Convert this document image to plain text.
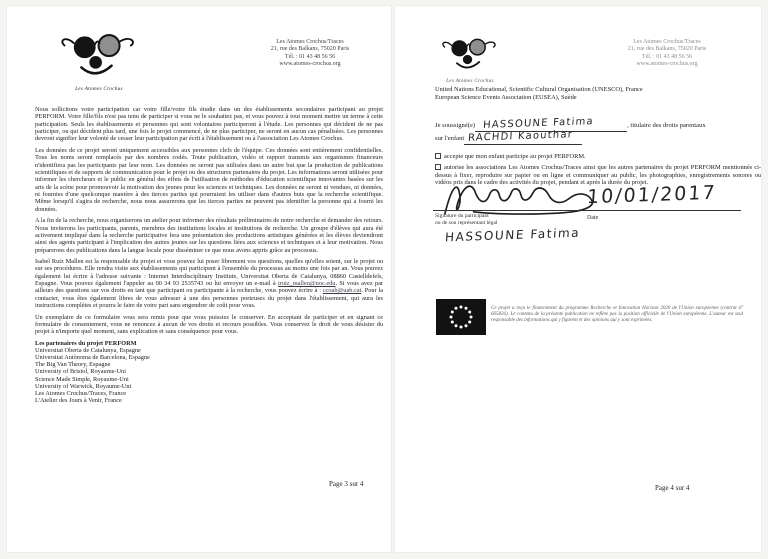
Les Atomes Crochus
Les Atomes Crochus/Traces
21, rue des Balkans, 75020 Paris
Tél. : 01 43 48 56 56
www.atomes-crochus.org

Nous sollicitons votre participation car votre fille/votre fils étudie dans un des établissements secondaires participant au projet PERFORM. Votre fille/fils n'est pas tenu de participer si vous ne le souhaitez pas, et vous pouvez à tout moment mettre un terme à cette participation. Seuls les établissements et personnes qui sont volontaires participeront à l'étude. Les personnes qui décident de ne pas participer, ou qui décident plus tard, une fois le projet commencé, de ne plus participer, ne seront en aucun cas pénalisées. Les personnes devront signifier leur volonté de cesser leur participation par écrit à l'établissement ou à l'association Les Atomes Crochus.

Les données de ce projet seront uniquement accessibles aux personnes clefs de l'équipe. Ces données sont entièrement confidentielles. Tous les noms seront remplacés par des nombres codés. Toute publication, vidéo et rapport transmis aux organismes financeurs n'identifiera pas les participants par leur nom. Les données ne seront pas utilisées dans un autre but que la production de publications scientifiques et de supports de communication pour le projet ou des structures partenaires du projet. Les informations seront utilisées pour informer les chercheurs et le public en général des effets de l'utilisation de méthodes d'éducation scientifique innovantes basées sur les arts de la scène pour promouvoir la motivation des jeunes pour les sciences et techniques. Les données ne seront ni vendues, ni données, ni fournies d'une quelconque manière à des tierces parties qui pourraient les utiliser dans d'autres buts que la recherche scientifique. Même lorsqu'il s'agira de recherche, nous nous assurerons que les tierces parties ne peuvent pas identifier la personne qui a fourni les données.

A la fin de la recherche, nous organiserons un atelier pour informer des résultats préliminaires de notre recherche et demander des retours. Nous inviterons les participants, parents, membres des institutions locales et institutions de recherche. Un groupe d'élèves qui aura été activement impliqué dans la recherche participative fera une présentation des productions artistiques générées et les élèves deviendront ainsi des agents participant à l'implication des autres jeunes sur les questions liées aux sciences et techniques et à leur motivation. Nous préparerons des publications dans la langue locale pour disséminer ce que nous avons appris grâce au processus.

Isabel Ruiz Mallen est la responsable du projet et vous pouvez lui poser librement vos questions, quelles qu'elles soient, sur le projet ou sur ses procédures. Elle rendra visite aux établissements qui participent à l'ensemble du processus au moins une fois par an. Vous pouvez également lui écrire à l'adresse suivante : Internet Interdisciplinary Institute, Universitat Oberta de Catalunya, 08860 Castelldefels, Espagne. Vous pouvez également l'appeler au 00 34 93 2535743 ou lui envoyer un e-mail à iruiz_mallen@uoc.edu. Si vous avez par ailleurs des questions sur vos droits en tant que participant ou participante à la recherche, vous pouvez écrire à : ccoab@uab.cat. Pour la contacter, vous êtes également libres de vous adresser à une des personnes porteuses du projet dans l'établissement, qui aura les instructions complètes et pourra le faire de votre part sans engendrer de coût pour vous.

Un exemplaire de ce formulaire vous sera remis pour que vous puissiez le conserver. En acceptant de participer et en signant ce formulaire de consentement, vous ne renoncez à aucun de vos droits et recours possibles. Vous conservez le droit de vous désister du projet à n'importe quel moment, sans explication et sans conséquence pour vous.

Les partenaires du projet PERFORM
Universitat Oberta de Catalunya, Espagne
Universitat Autònoma de Barcelona, Espagne
The Big Van Theory, Espagne
University of Bristol, Royaume-Uni
Science Made Simple, Royaume-Uni
University of Warwick, Royaume-Uni
Les Atomes Crochus/Traces, France
L'Atelier des Jours à Venir, France
Page 3 sur 4
Les Atomes Crochus
Les Atomes Crochus/Traces
21, rue des Balkans, 75020 Paris
Tél. : 01 43 48 56 56
www.atomes-crochus.org
United Nations Educational, Scientific Cultural Organisation (UNESCO), France
European Science Events Association (EUSEA), Suède
Je soussigné(e) HASSOUNE Fatima	, titulaire des droits parentaux
sur l'enfant RACHDI Kaouthar
accepte que mon enfant participe au projet PERFORM.
autorise les associations Les Atomes Crochus/Traces ainsi que les autres partenaires du projet PERFORM mentionnés ci-dessus à fixer, reproduire sur papier ou en ligne et communiquer au public, les photographies, enregistrements sonores ou vidéos pris dans le cadre des activités du projet, pendant et après la durée du projet.
Signature du participant
ou de son représentant légal
HASSOUNE Fatima
10/01/2017
Date
Ce projet a reçu le financement du programme Recherche et Innovation Horizon 2020 de l'Union européenne (contrat n° 665826). Le contenu de la présente publication ne reflète pas la position officielle de l'Union européenne. L'auteur est seul responsable des informations qui y figurent et des opinions qui y sont exprimées.
Page 4 sur 4
